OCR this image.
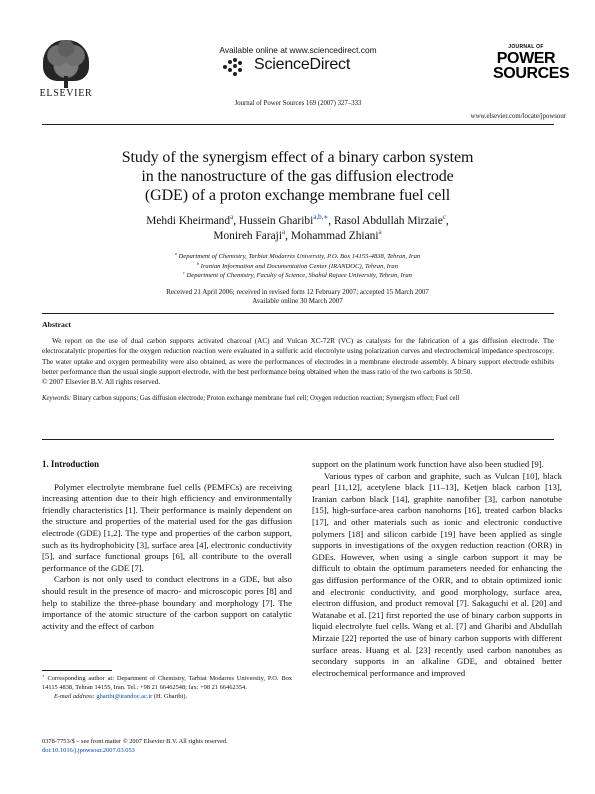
ELSEVIER
Available online at www.sciencedirect.com
ScienceDirect
Journal of Power Sources 169 (2007) 327–333
JOURNAL OF
POWER
SOURCES
www.elsevier.com/locate/jpowsour
Study of the synergism effect of a binary carbon system
in the nanostructure of the gas diffusion electrode
(GDE) of a proton exchange membrane fuel cell
Mehdi Kheirmand$^a$, Hussein Gharibi$^{a,b,∗}$, Rasol Abdullah Mirzaie$^c$,
Monireh Faraji$^a$, Mohammad Zhiani$^a$
$^a$ Department of Chemistry, Tarbiat Modarres University, P.O. Box 14155-4838, Tehran, Iran
$^b$ Iranian Information and Documentation Center (IRANDOC), Tehran, Iran
$^c$ Department of Chemistry, Faculty of Science, Shahid Rajaee University, Tehran, Iran
Received 21 April 2006; received in revised form 12 February 2007; accepted 15 March 2007
Available online 30 March 2007
Abstract

We report on the use of dual carbon supports activated charcoal (AC) and Vulcan XC-72R (VC) as catalysts for the fabrication of a gas diffusion electrode. The electrocatalytic properties for the oxygen reduction reaction were evaluated in a sulfuric acid electrolyte using polarization curves and electrochemical impedance spectroscopy. The water uptake and oxygen permeability were also obtained, as were the performances of electrodes in a membrane electrode assembly. A binary support electrode exhibits better performance than the usual single support electrode, with the best performance being obtained when the mass ratio of the two carbons is 50:50.

© 2007 Elsevier B.V. All rights reserved.

Keywords: Binary carbon supports; Gas diffusion electrode; Proton exchange membrane fuel cell; Oxygen reduction reaction; Synergism effect; Fuel cell
1. Introduction

Polymer electrolyte membrane fuel cells (PEMFCs) are receiving increasing attention due to their high efficiency and environmentally friendly characteristics [1]. Their performance is mainly dependent on the structure and properties of the material used for the gas diffusion electrode (GDE) [1,2]. The type and properties of the carbon support, such as its hydrophobicity [3], surface area [4], electronic conductivity [5], and surface functional groups [6], all contribute to the overall performance of the GDE [7].

Carbon is not only used to conduct electrons in a GDE, but also should result in the presence of macro- and microscopic pores [8] and help to stabilize the three-phase boundary and morphology [7]. The importance of the atomic structure of the carbon support on catalytic activity and the effect of carbon

support on the platinum work function have also been studied [9].

Various types of carbon and graphite, such as Vulcan [10], black pearl [11,12], acetylene black [11–13], Ketjen black carbon [13], Iranian carbon black [14], graphite nanofiber [3], carbon nanotube [15], high-surface-area carbon nanohorns [16], treated carbon blacks [17], and other materials such as ionic and electronic conductive polymers [18] and silicon carbide [19] have been applied as single supports in investigations of the oxygen reduction reaction (ORR) in GDEs. However, when using a single carbon support it may be difficult to obtain the optimum parameters needed for enhancing the gas diffusion performance of the ORR, and to obtain optimized ionic and electronic conductivity, and good morphology, surface area, electron diffusion, and product removal [7]. Sakaguchi et al. [20] and Watanabe et al. [21] first reported the use of binary carbon supports in liquid electrolyte fuel cells. Wang et al. [7] and Gharibi and Abdullah Mirzaie [22] reported the use of binary carbon supports with different surface areas. Huang et al. [23] recently used carbon nanotubes as secondary supports in an alkaline GDE, and obtained better electrochemical performance and improved

∗ Corresponding author at: Department of Chemistry, Tarbiat Modarres University, P.O. Box 14115 4838, Tehran 14155, Iran. Tel.: +98 21 66462548; fax: +98 21 66462354.

E-mail address: gharibi@irandoc.ac.ir (H. Gharibi).

0378-7753/$ – see front matter © 2007 Elsevier B.V. All rights reserved.
doi:10.1016/j.jpowsour.2007.03.053
